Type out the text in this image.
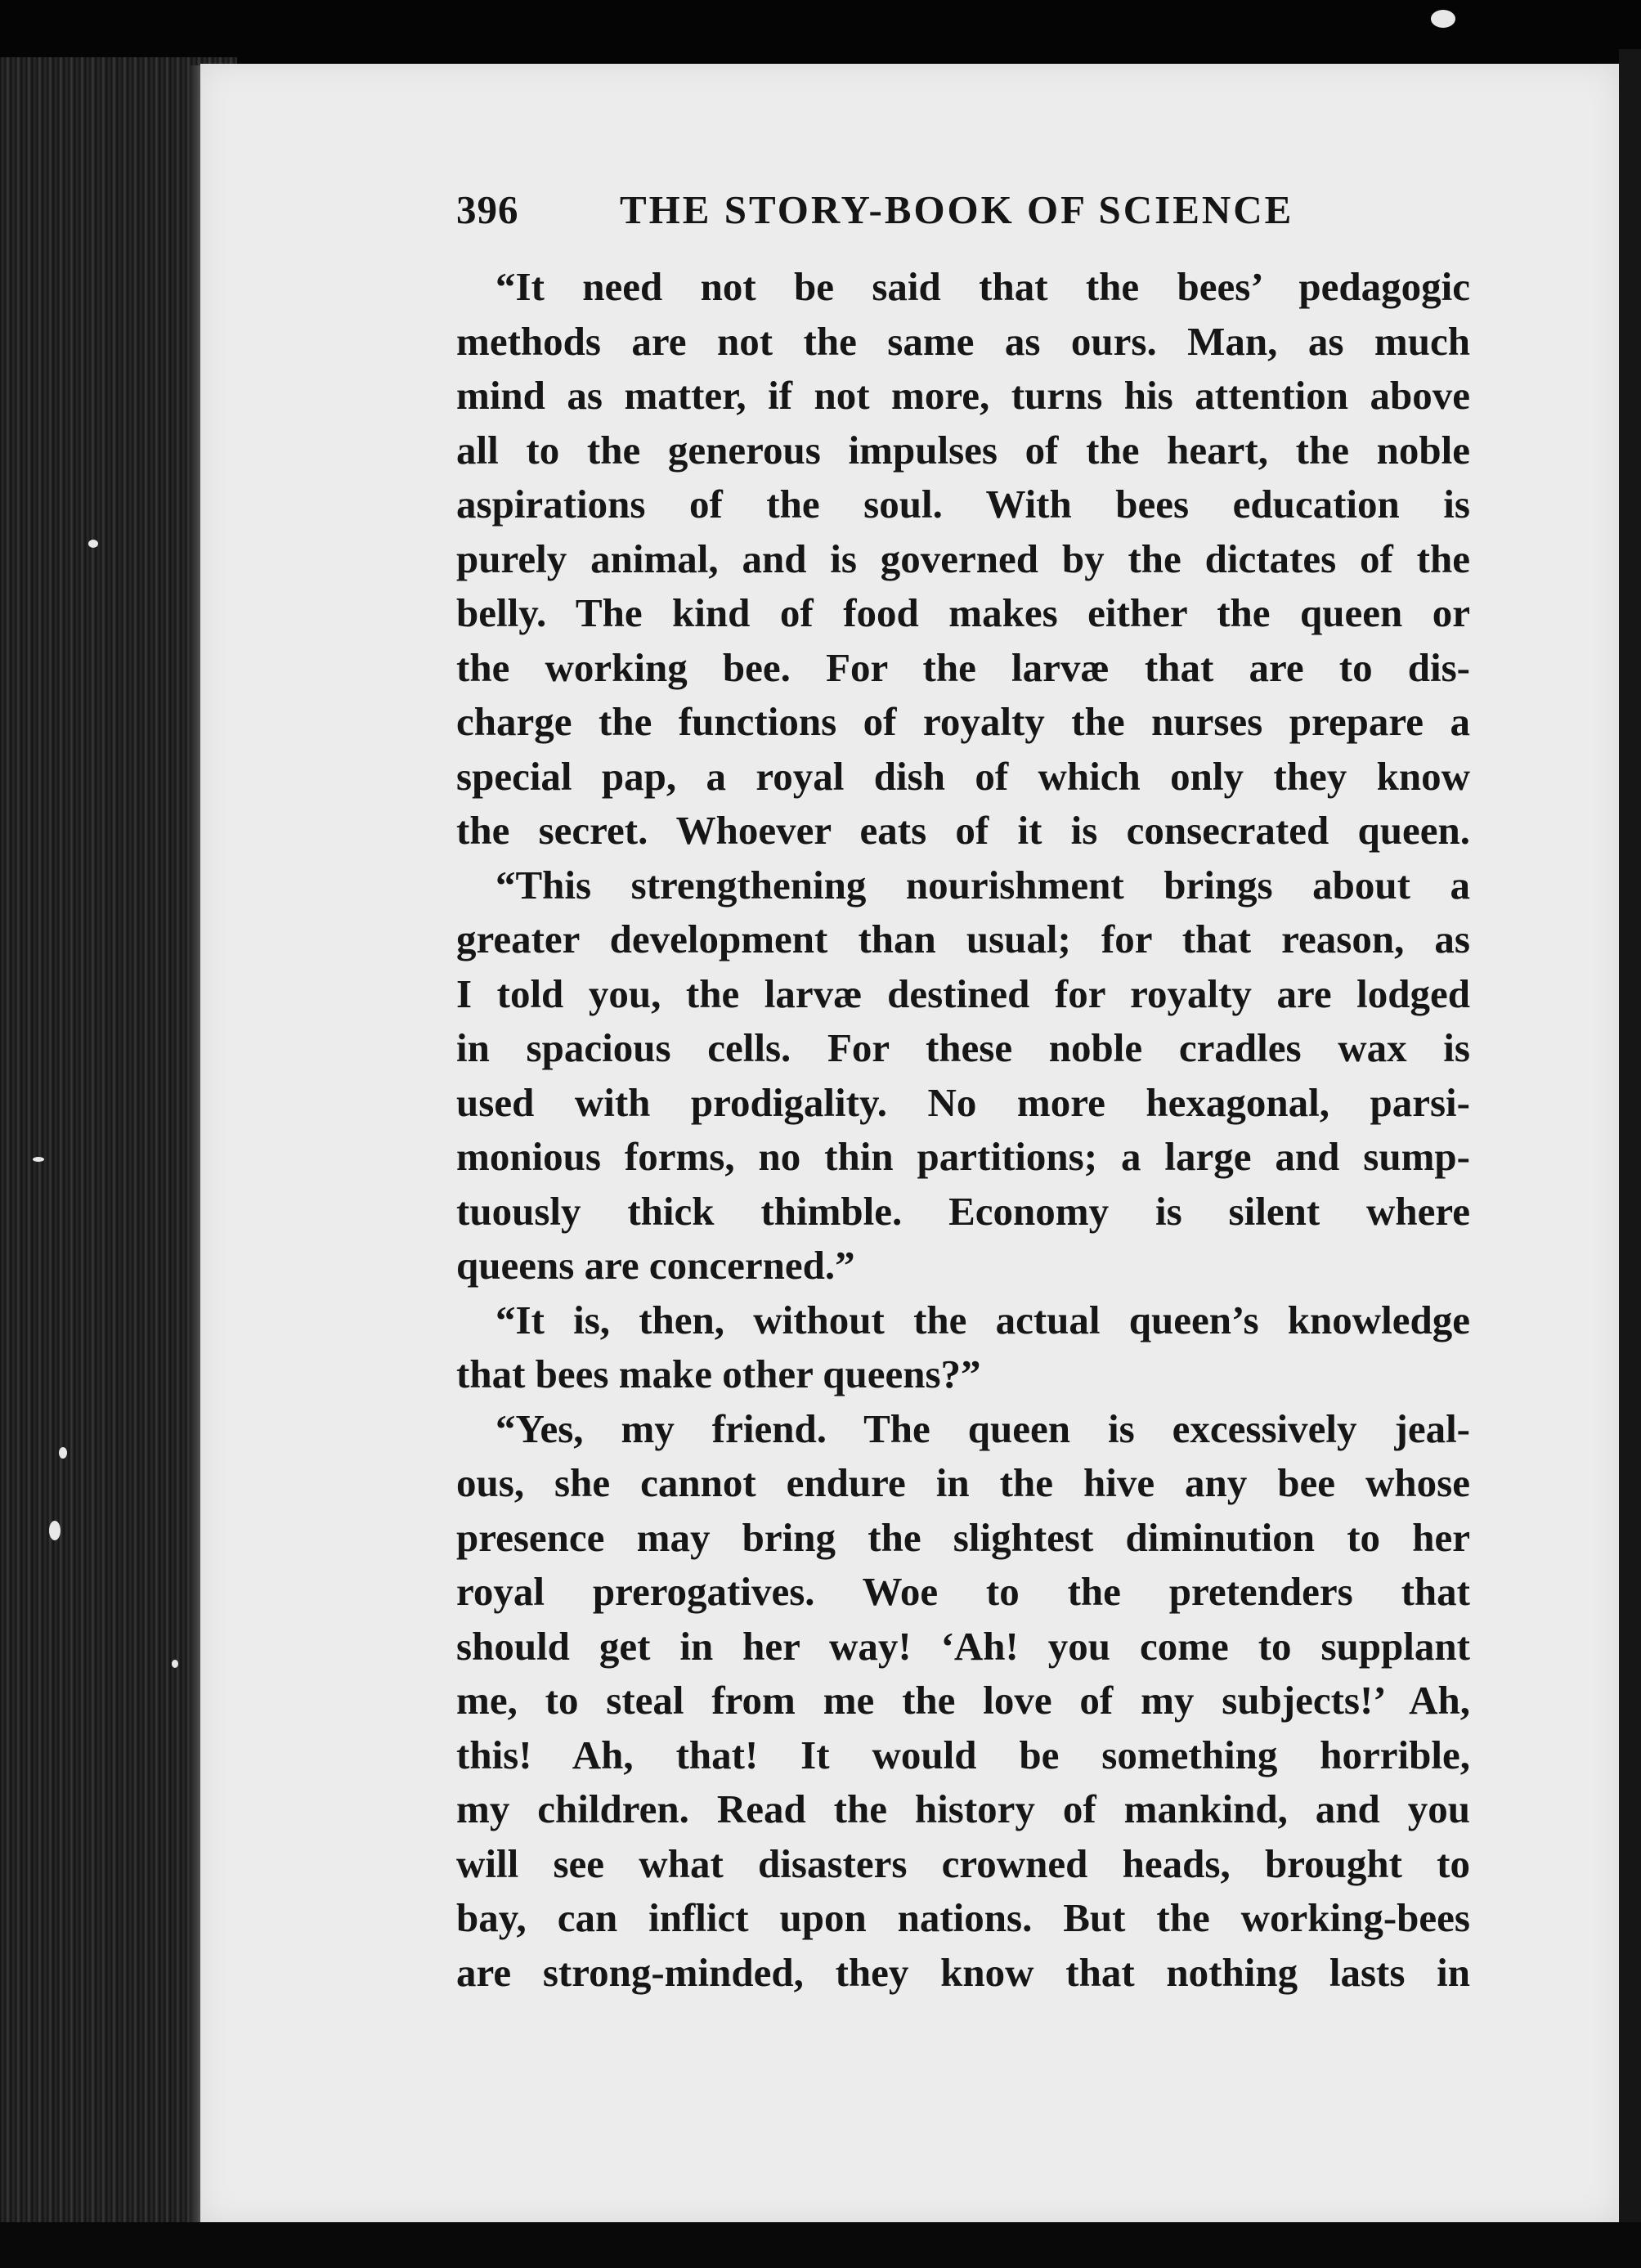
396	THE STORY-BOOK OF SCIENCE
“It need not be said that the bees’ pedagogic
methods are not the same as ours. Man, as much
mind as matter, if not more, turns his attention above
all to the generous impulses of the heart, the noble
aspirations of the soul. With bees education is
purely animal, and is governed by the dictates of the
belly. The kind of food makes either the queen or
the working bee. For the larvæ that are to dis-
charge the functions of royalty the nurses prepare a
special pap, a royal dish of which only they know
the secret. Whoever eats of it is consecrated queen.
“This strengthening nourishment brings about a
greater development than usual; for that reason, as
I told you, the larvæ destined for royalty are lodged
in spacious cells. For these noble cradles wax is
used with prodigality. No more hexagonal, parsi-
monious forms, no thin partitions; a large and sump-
tuously thick thimble. Economy is silent where
queens are concerned.”
“It is, then, without the actual queen’s knowledge
that bees make other queens?”
“Yes, my friend. The queen is excessively jeal-
ous, she cannot endure in the hive any bee whose
presence may bring the slightest diminution to her
royal prerogatives. Woe to the pretenders that
should get in her way! ‘Ah! you come to supplant
me, to steal from me the love of my subjects!’ Ah,
this! Ah, that! It would be something horrible,
my children. Read the history of mankind, and you
will see what disasters crowned heads, brought to
bay, can inflict upon nations. But the working-bees
are strong-minded, they know that nothing lasts in
